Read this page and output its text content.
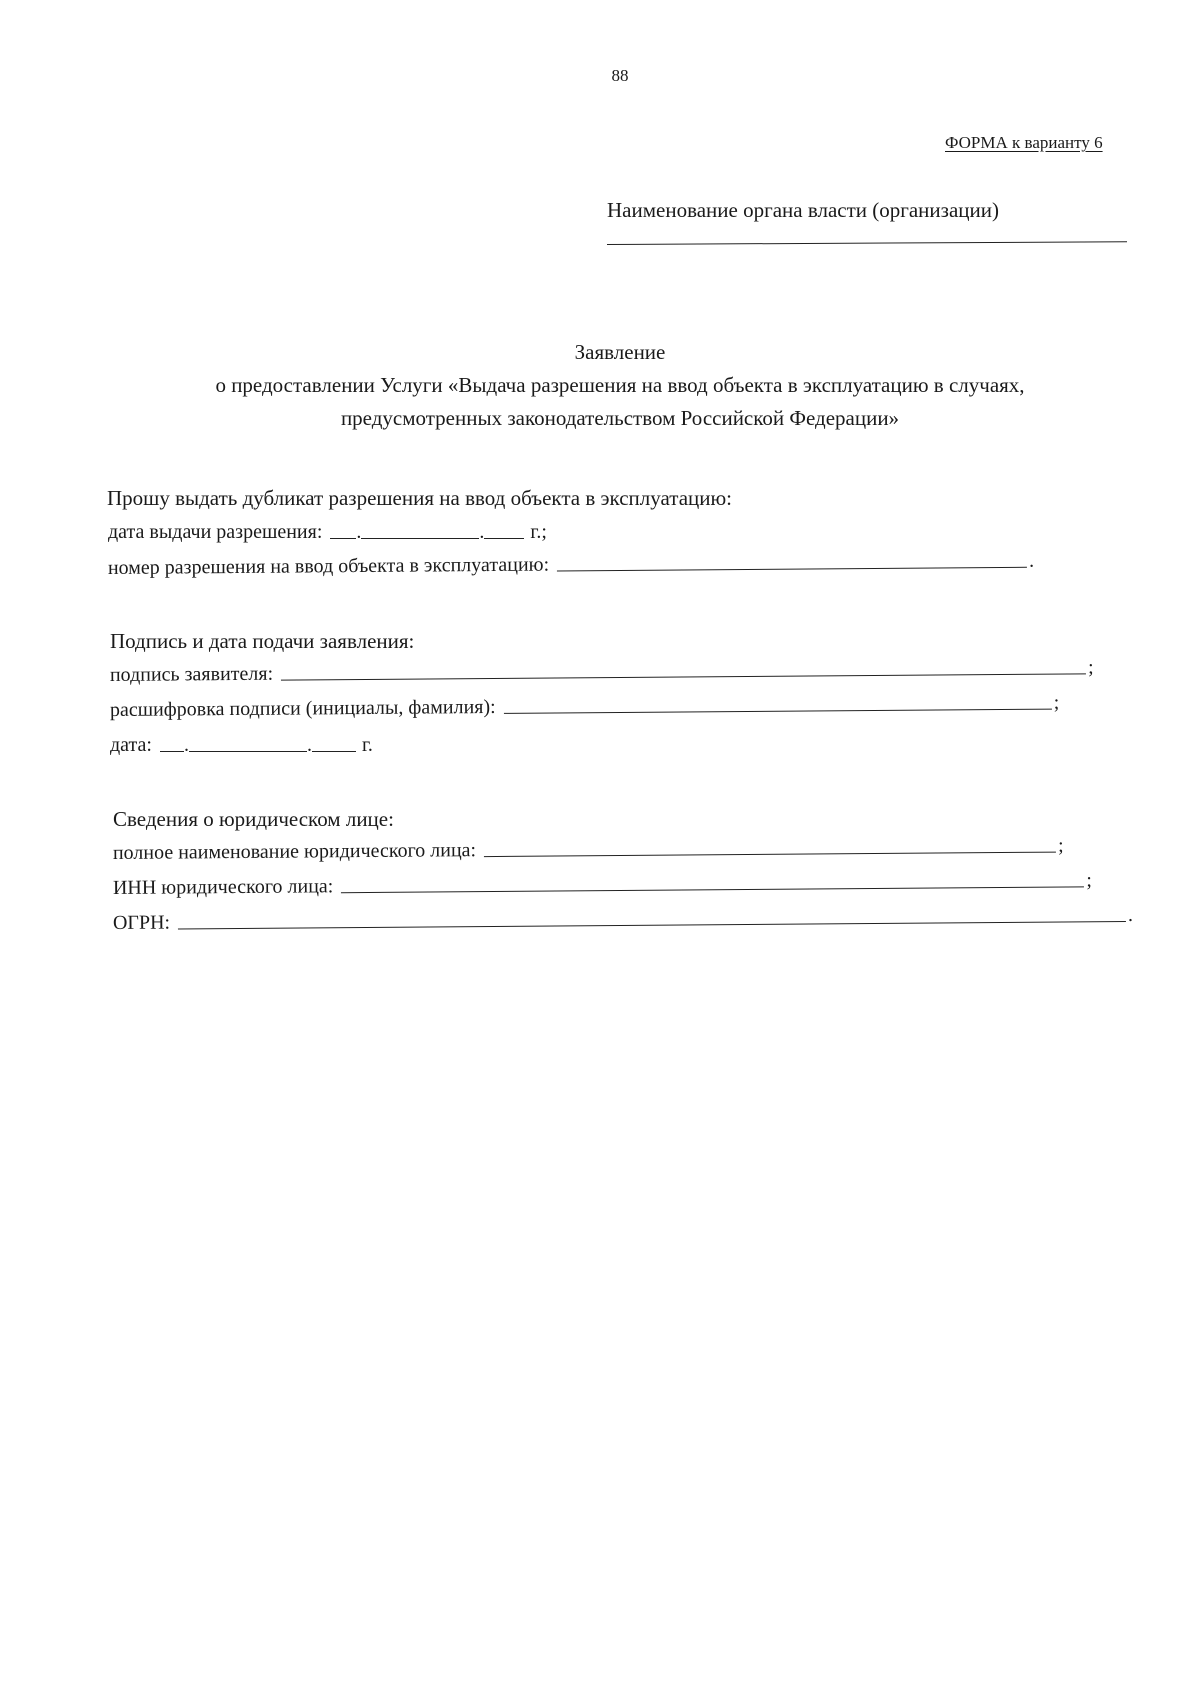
88
ФОРМА к варианту 6
Наименование органа власти (организации)
Заявление
о предоставлении Услуги «Выдача разрешения на ввод объекта в эксплуатацию в случаях,
предусмотренных законодательством Российской Федерации»
Прошу выдать дубликат разрешения на ввод объекта в эксплуатацию:
дата выдачи разрешения: .	. г.;
номер разрешения на ввод объекта в эксплуатацию:	.
Подпись и дата подачи заявления:
подпись заявителя:	;
расшифровка подписи (инициалы, фамилия):	;
дата: .	.	г.
Сведения о юридическом лице:
полное наименование юридического лица:	;
ИНН юридического лица:	;
ОГРН:	.
